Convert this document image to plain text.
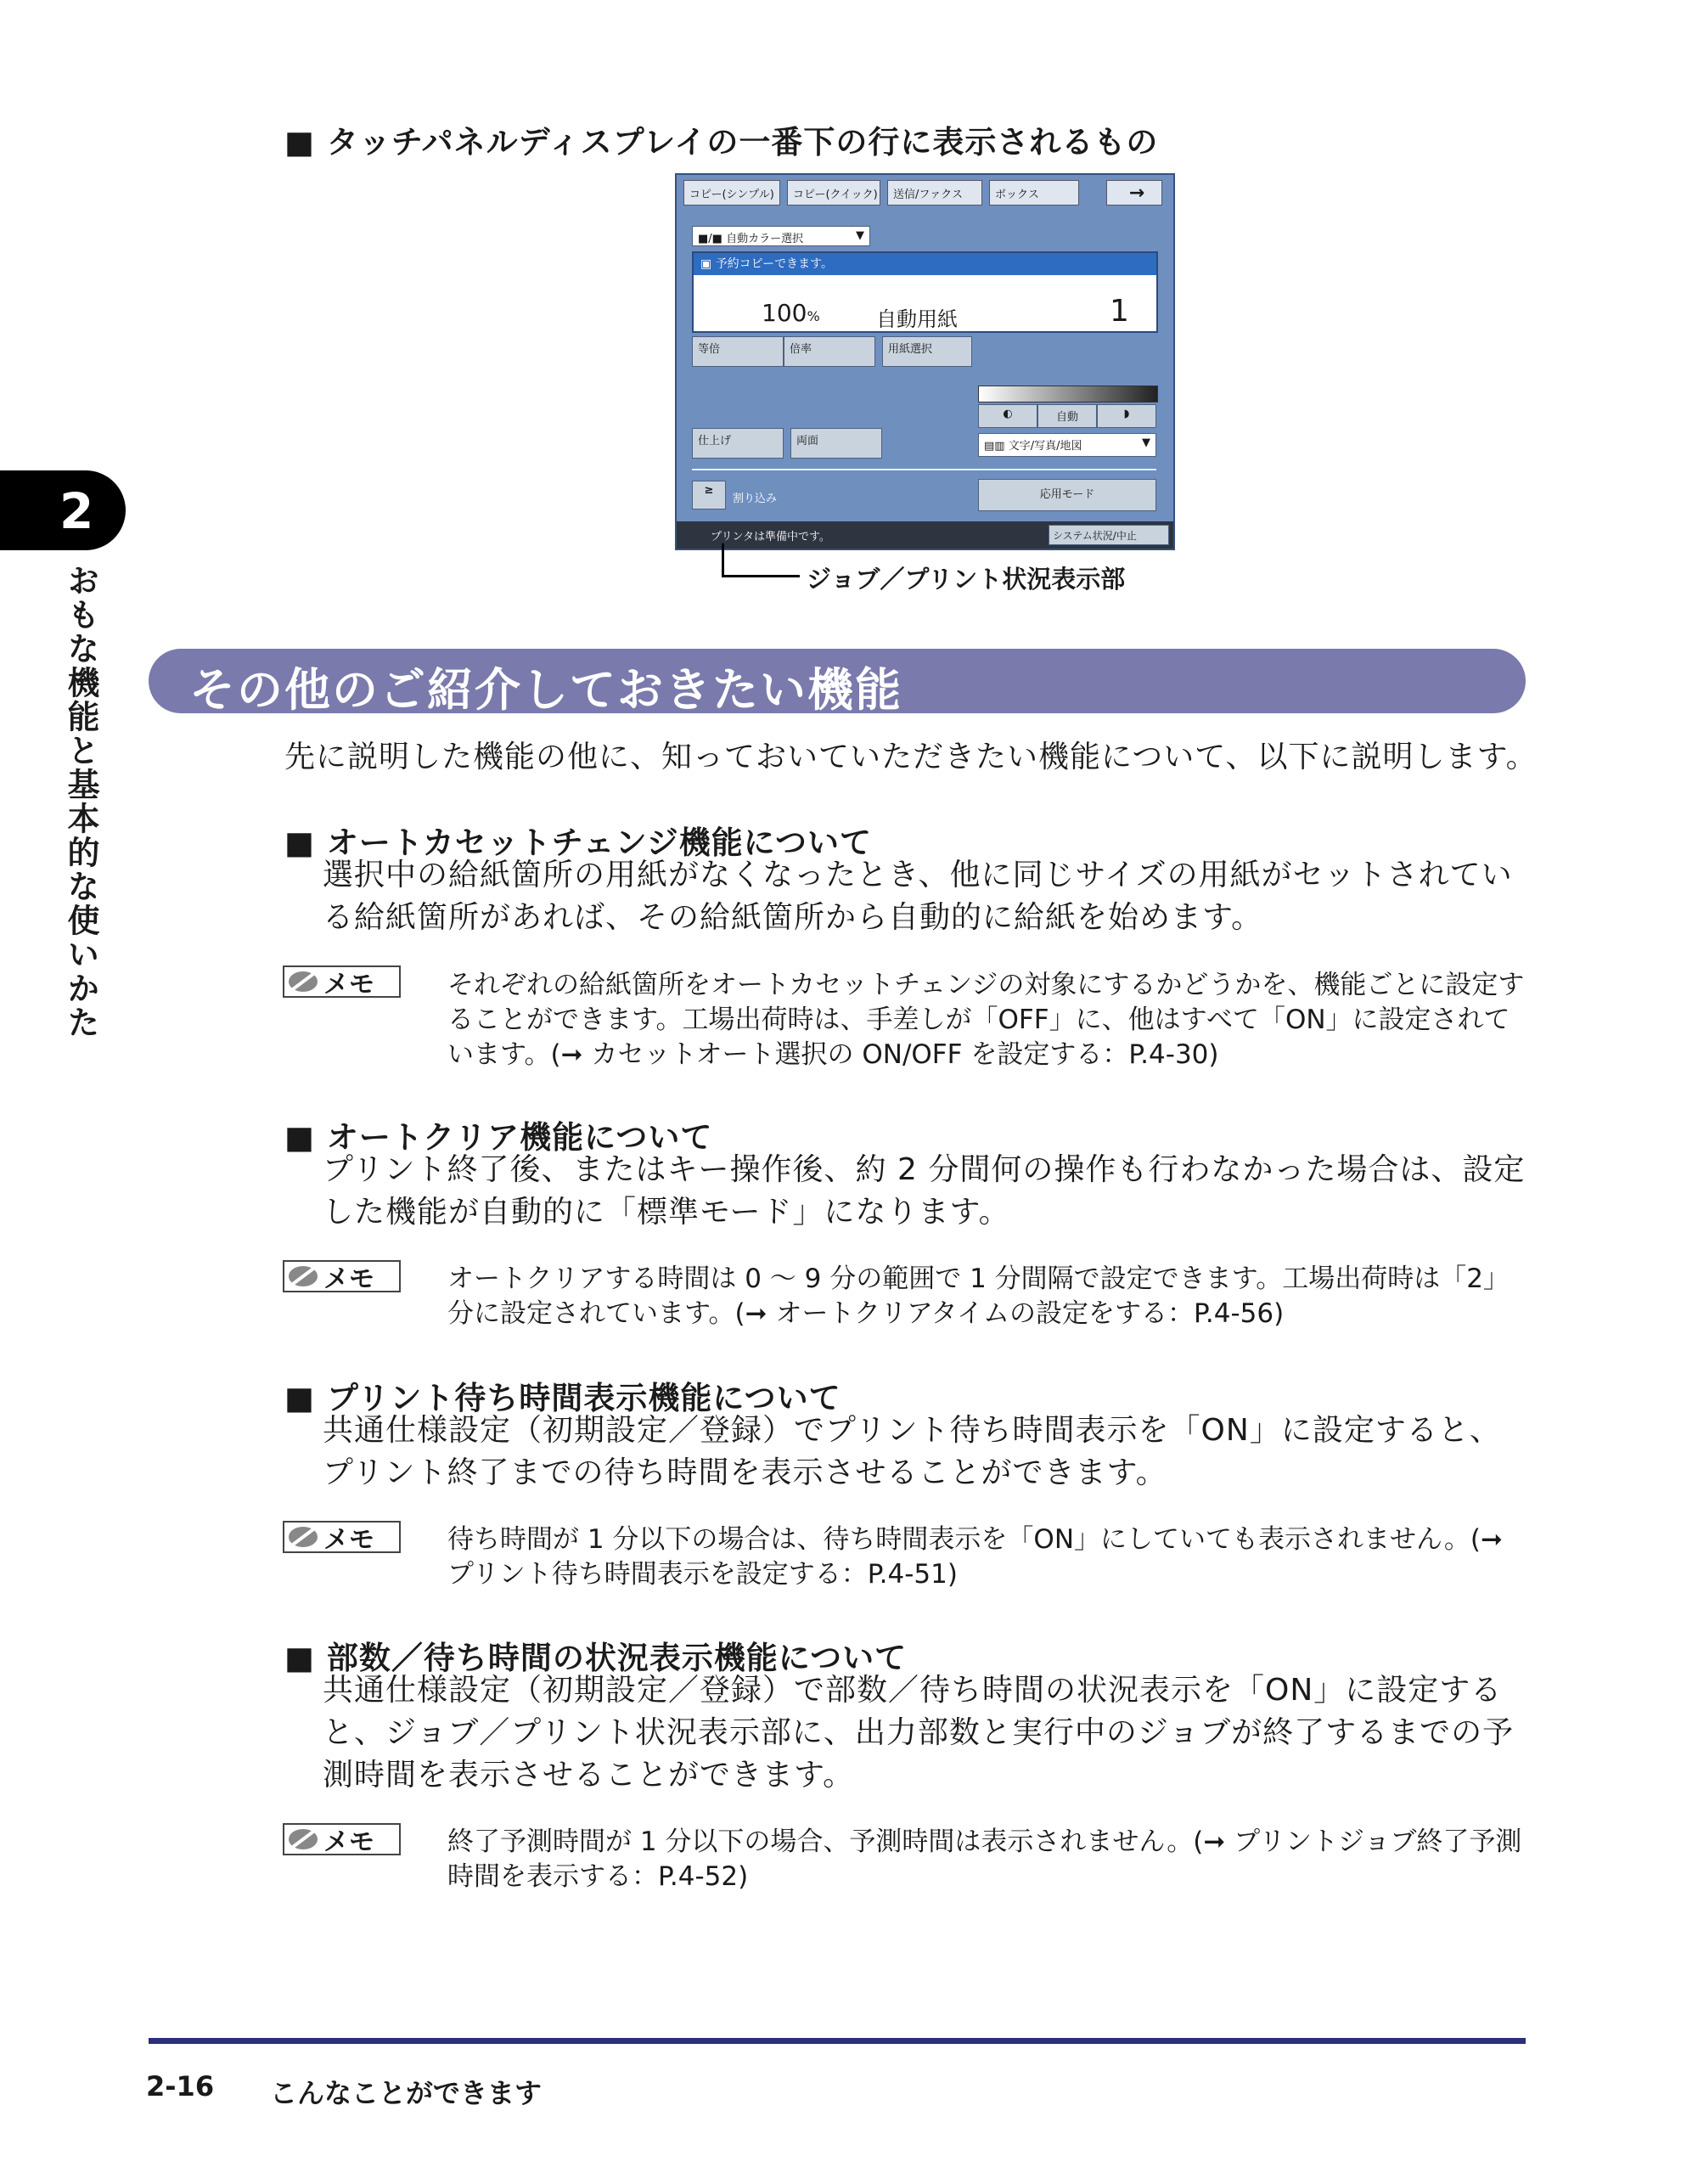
■ タッチパネルディスプレイの一番下の行に表示されるもの
コピー(シンプル) コピー(クイック) 送信/ファクス	ボックス	→
■/■ 自動カラー選択	▼
▣ 予約コピーできます。
100%	自動用紙	1
等倍	倍率	用紙選択
◐	自動	◗
仕上げ	両面	▤▥ 文字/写真/地図	▼
≥
割り込み	応用モード
プリンタは準備中です。	システム状況/中止
ジョブ／プリント状況表示部
2
おもな機能と基本的な使いかた その他のご紹介しておきたい機能
先に説明した機能の他に、知っておいていただきたい機能について、以下に説明します。
■ オートカセットチェンジ機能について
選択中の給紙箇所の用紙がなくなったとき、他に同じサイズの用紙がセットされている給紙箇所があれば、その給紙箇所から自動的に給紙を始めます。
メモ	それぞれの給紙箇所をオートカセットチェンジの対象にするかどうかを、機能ごとに設定することができます。工場出荷時は、手差しが「OFF」に、他はすべて「ON」に設定されています。(➞ カセットオート選択の ON/OFF を設定する：P.4-30)
■ オートクリア機能について
プリント終了後、またはキー操作後、約 2 分間何の操作も行わなかった場合は、設定した機能が自動的に「標準モード」になります。
メモ	オートクリアする時間は 0 〜 9 分の範囲で 1 分間隔で設定できます。工場出荷時は「2」分に設定されています。(➞ オートクリアタイムの設定をする：P.4-56)
■ プリント待ち時間表示機能について
共通仕様設定（初期設定／登録）でプリント待ち時間表示を「ON」に設定すると、プリント終了までの待ち時間を表示させることができます。
メモ	待ち時間が 1 分以下の場合は、待ち時間表示を「ON」にしていても表示されません。(➞ プリント待ち時間表示を設定する：P.4-51)
■ 部数／待ち時間の状況表示機能について
共通仕様設定（初期設定／登録）で部数／待ち時間の状況表示を「ON」に設定すると、ジョブ／プリント状況表示部に、出力部数と実行中のジョブが終了するまでの予測時間を表示させることができます。
メモ	終了予測時間が 1 分以下の場合、予測時間は表示されません。(➞ プリントジョブ終了予測時間を表示する：P.4-52)
2-16 こんなことができます
